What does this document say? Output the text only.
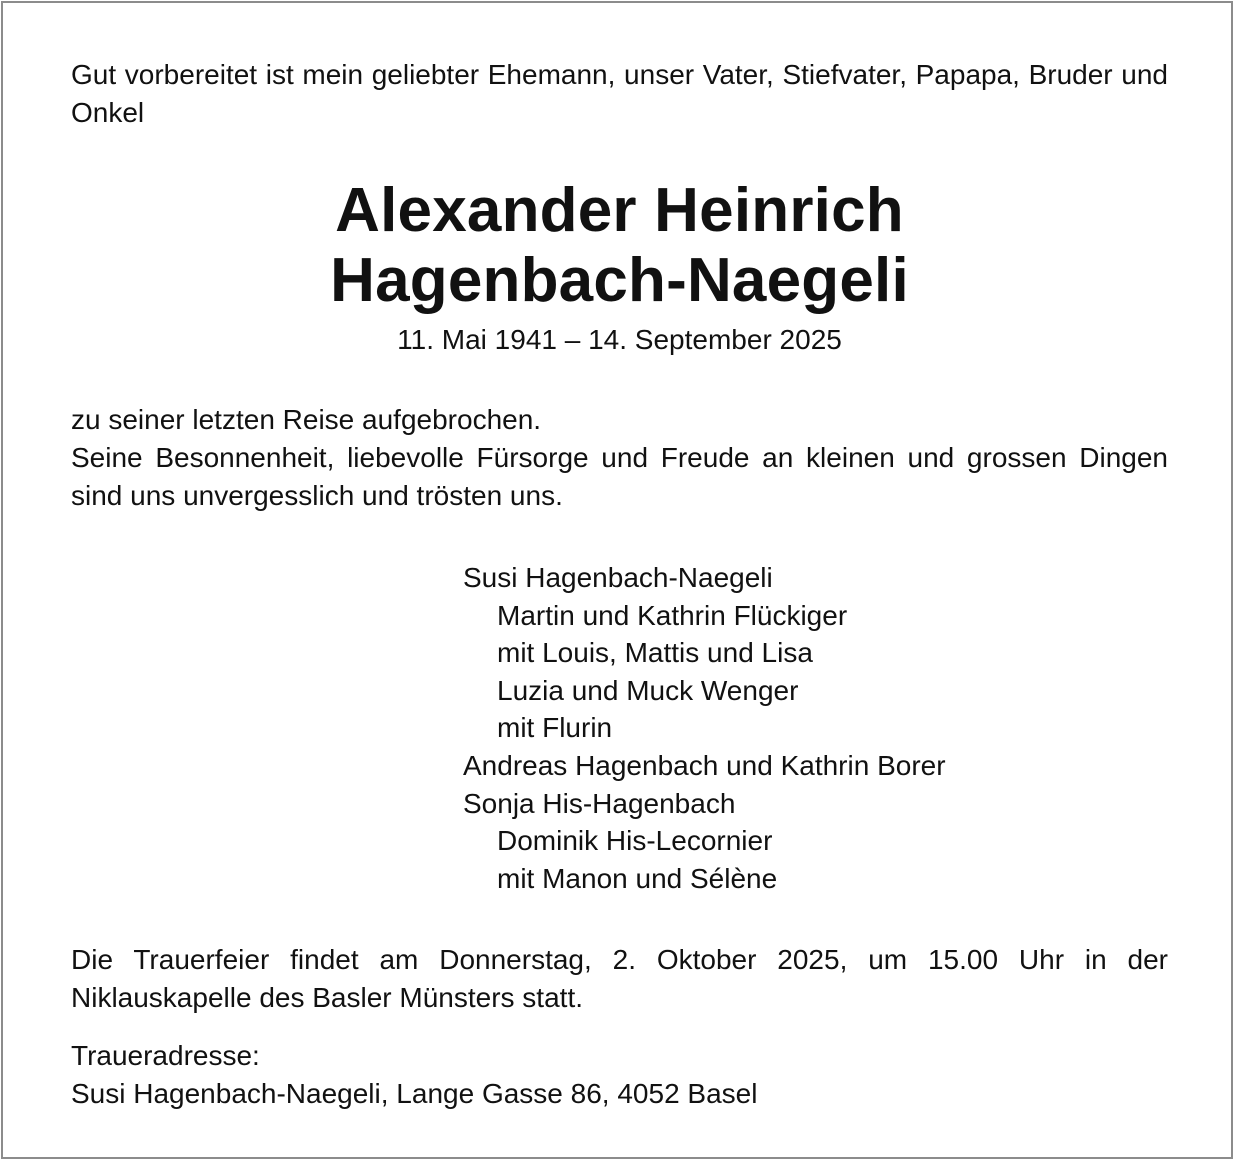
Gut vorbereitet ist mein geliebter Ehemann, unser Vater, Stiefvater, Papapa, Bruder und Onkel

Alexander Heinrich
Hagenbach-Naegeli

11. Mai 1941 – 14. September 2025

zu seiner letzten Reise aufgebrochen.
Seine Besonnenheit, liebevolle Fürsorge und Freude an kleinen und grossen Dingen sind uns unvergesslich und trösten uns.

Susi Hagenbach-Naegeli
Martin und Kathrin Flückiger
mit Louis, Mattis und Lisa
Luzia und Muck Wenger
mit Flurin
Andreas Hagenbach und Kathrin Borer
Sonja His-Hagenbach
Dominik His-Lecornier
mit Manon und Sélène

Die Trauerfeier findet am Donnerstag, 2. Oktober 2025, um 15.00 Uhr in der Niklauskapelle des Basler Münsters statt.

Traueradresse:
Susi Hagenbach-Naegeli, Lange Gasse 86, 4052 Basel
